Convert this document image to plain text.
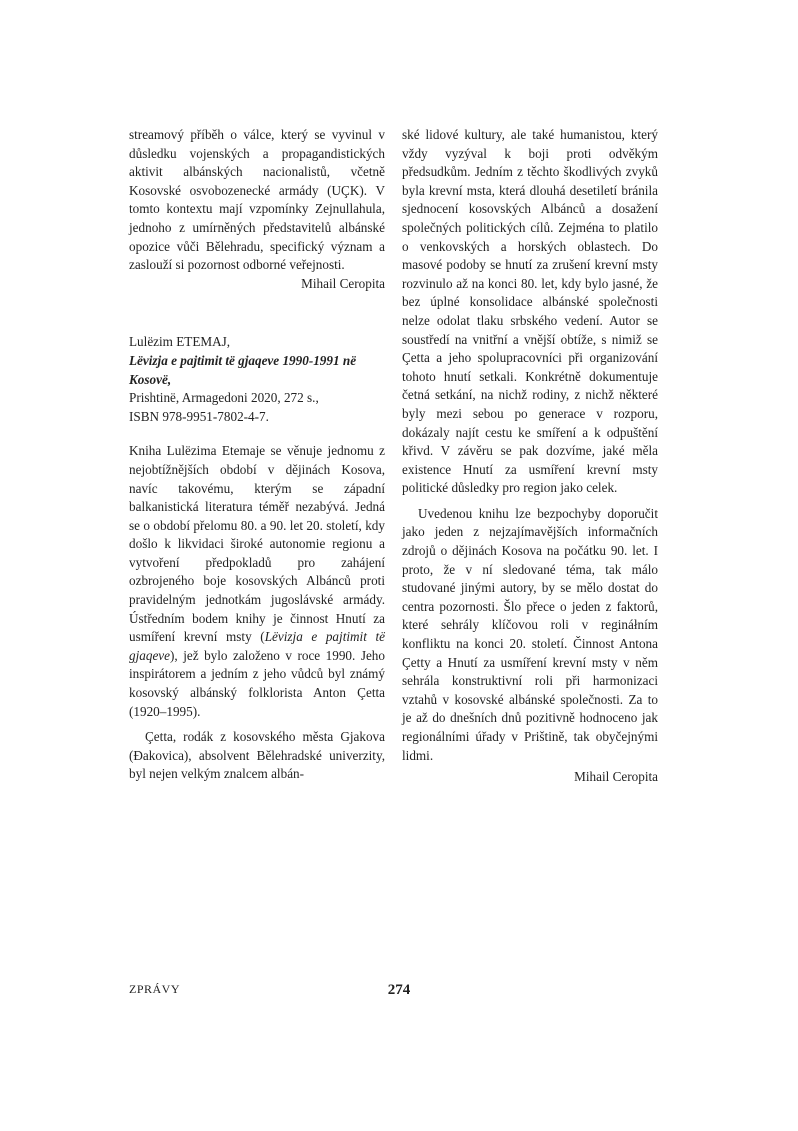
streamový příběh o válce, který se vyvinul v důsledku vojenských a propagandistických aktivit albánských nacionalistů, včetně Kosovské osvobozenecké armády (UÇK). V tomto kontextu mají vzpomínky Zejnullahula, jednoho z umírněných představitelů albánské opozice vůči Bělehradu, specifický význam a zaslouží si pozornost odborné veřejnosti.

Mihail Ceropita

Lulëzim ETEMAJ,
Lëvizja e pajtimit të gjaqeve 1990-1991 në Kosovë,
Prishtinë, Armagedoni 2020, 272 s.,
ISBN 978-9951-7802-4-7.

Kniha Lulëzima Etemaje se věnuje jednomu z nejobtížnějších období v dějinách Kosova, navíc takovému, kterým se západní balkanistická literatura téměř nezabývá. Jedná se o období přelomu 80. a 90. let 20. století, kdy došlo k likvidaci široké autonomie regionu a vytvoření předpokladů pro zahájení ozbrojeného boje kosovských Albánců proti pravidelným jednotkám jugoslávské armády. Ústředním bodem knihy je činnost Hnutí za usmíření krevní msty (Lëvizja e pajtimit të gjaqeve), jež bylo založeno v roce 1990. Jeho inspirátorem a jedním z jeho vůdců byl známý kosovský albánský folklorista Anton Çetta (1920–1995).

Çetta, rodák z kosovského města Gjakova (Đakovica), absolvent Bělehradské univerzity, byl nejen velkým znalcem albán-

ské lidové kultury, ale také humanistou, který vždy vyzýval k boji proti odvěkým předsudkům. Jedním z těchto škodlivých zvyků byla krevní msta, která dlouhá desetiletí bránila sjednocení kosovských Albánců a dosažení společných politických cílů. Zejména to platilo o venkovských a horských oblastech. Do masové podoby se hnutí za zrušení krevní msty rozvinulo až na konci 80. let, kdy bylo jasné, že bez úplné konsolidace albánské společnosti nelze odolat tlaku srbského vedení. Autor se soustředí na vnitřní a vnější obtíže, s nimiž se Çetta a jeho spolupracovníci při organizování tohoto hnutí setkali. Konkrétně dokumentuje četná setkání, na nichž rodiny, z nichž některé byly mezi sebou po generace v rozporu, dokázaly najít cestu ke smíření a k odpuštění křivd. V závěru se pak dozvíme, jaké měla existence Hnutí za usmíření krevní msty politické důsledky pro region jako celek.

Uvedenou knihu lze bezpochyby doporučit jako jeden z nejzajímavějších informačních zdrojů o dějinách Kosova na počátku 90. let. I proto, že v ní sledované téma, tak málo studované jinými autory, by se mělo dostat do centra pozornosti. Šlo přece o jeden z faktorů, které sehrály klíčovou roli v regináłním konfliktu na konci 20. století. Činnost Antona Çetty a Hnutí za usmíření krevní msty v něm sehrála konstruktivní roli při harmonizaci vztahů v kosovské albánské společnosti. Za to je až do dnešních dnů pozitivně hodnoceno jak regionálními úřady v Prištině, tak obyčejnými lidmi.

Mihail Ceropita

ZPRÁVY	274
